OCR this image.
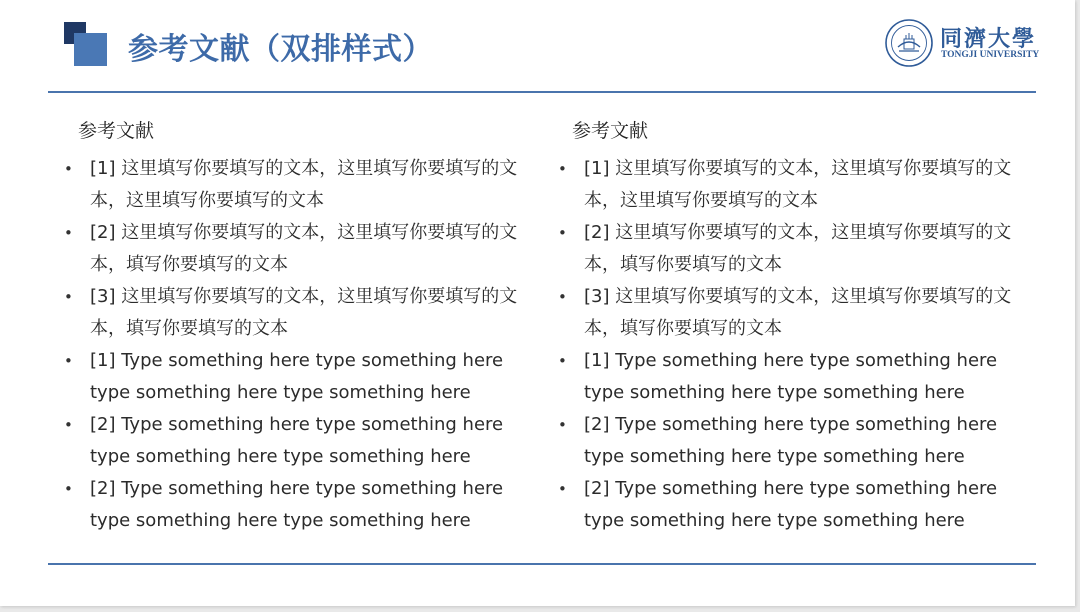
参考文献（双排样式）	同濟大學
TONGJI UNIVERSITY
参考文献
• [1] 这里填写你要填写的文本，这里填写你要填写的文本，这里填写你要填写的文本
• [2] 这里填写你要填写的文本，这里填写你要填写的文本，填写你要填写的文本
• [3] 这里填写你要填写的文本，这里填写你要填写的文本，填写你要填写的文本
• [1] Type something here type something here type something here type something here
• [2] Type something here type something here type something here type something here
• [2] Type something here type something here type something here type something here
参考文献
• [1] 这里填写你要填写的文本，这里填写你要填写的文本，这里填写你要填写的文本
• [2] 这里填写你要填写的文本，这里填写你要填写的文本，填写你要填写的文本
• [3] 这里填写你要填写的文本，这里填写你要填写的文本，填写你要填写的文本
• [1] Type something here type something here type something here type something here
• [2] Type something here type something here type something here type something here
• [2] Type something here type something here type something here type something here
